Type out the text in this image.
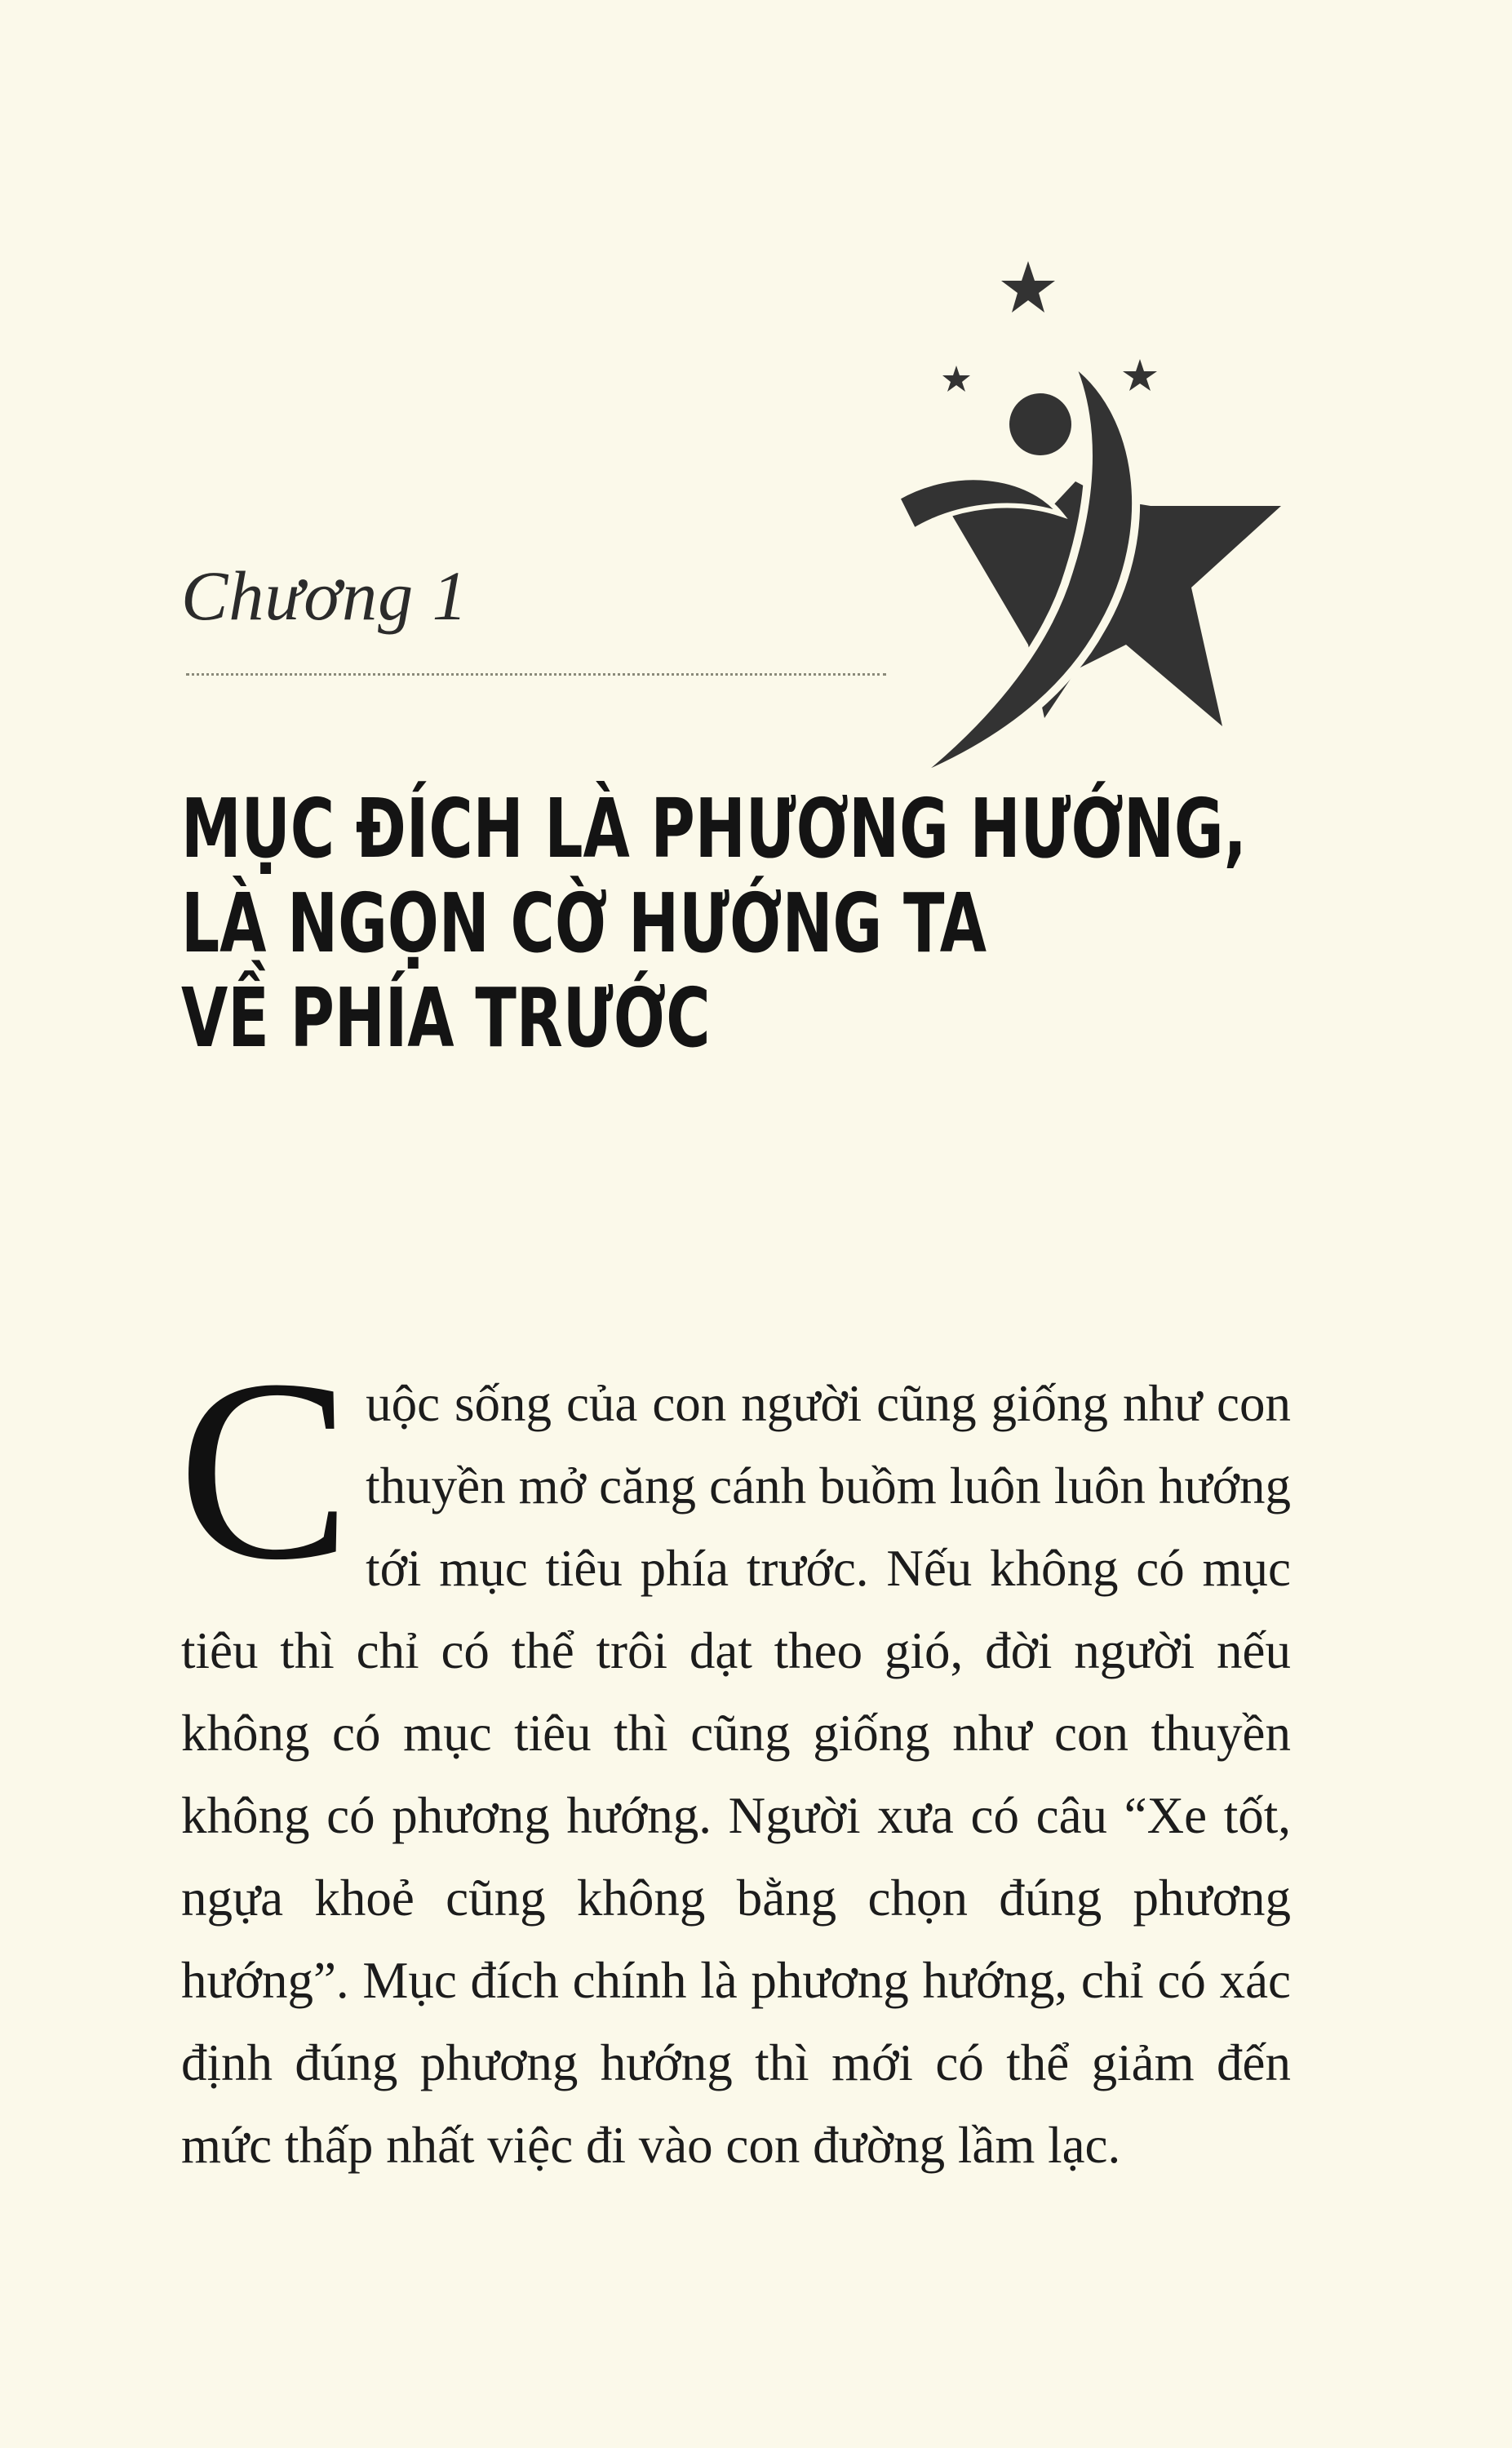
Chương 1
MỤC ĐÍCH LÀ PHƯƠNG HƯỚNG,
LÀ NGỌN CỜ HƯỚNG TA
VỀ PHÍA TRƯỚC
Cuộc sống của con người cũng giống như con thuyền mở căng cánh buồm luôn luôn hướng tới mục tiêu phía trước. Nếu không có mục tiêu thì chỉ có thể trôi dạt theo gió, đời người nếu không có mục tiêu thì cũng giống như con thuyền không có phương hướng. Người xưa có câu “Xe tốt, ngựa khoẻ cũng không bằng chọn đúng phương hướng”. Mục đích chính là phương hướng, chỉ có xác định đúng phương hướng thì mới có thể giảm đến mức thấp nhất việc đi vào con đường lầm lạc.
